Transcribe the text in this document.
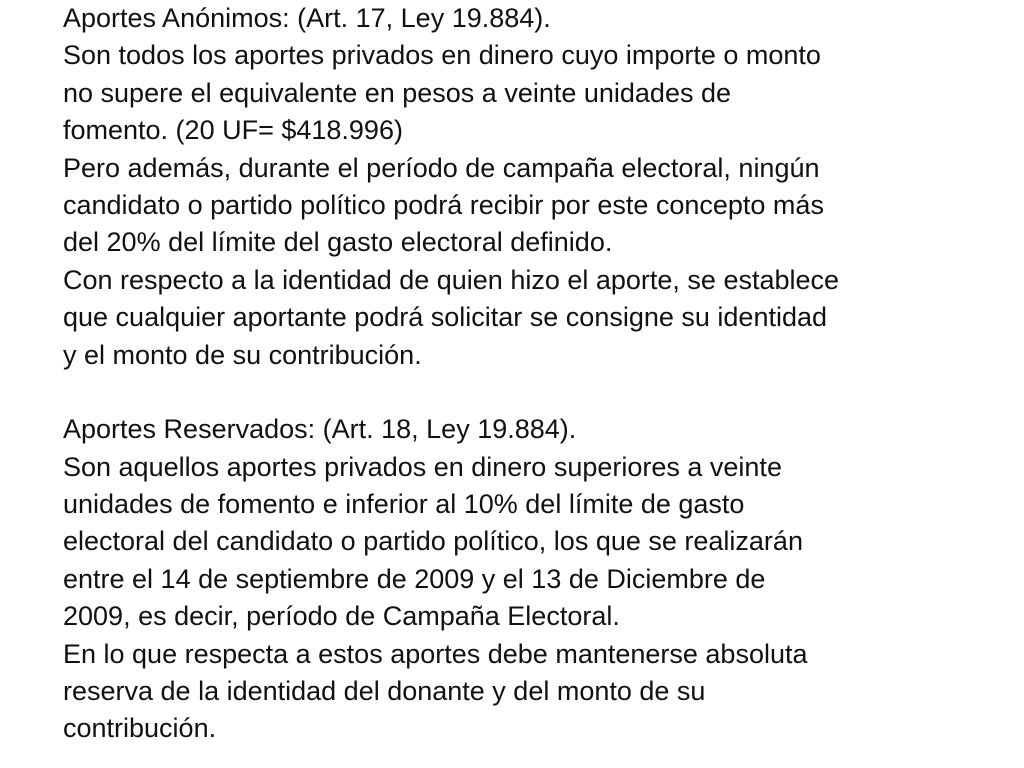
Aportes Anónimos: (Art. 17, Ley 19.884).
Son todos los aportes privados en dinero cuyo importe o monto
no supere el equivalente en pesos a veinte unidades de
fomento. (20 UF= $418.996)
Pero además, durante el período de campaña electoral, ningún
candidato o partido político podrá recibir por este concepto más
del 20% del límite del gasto electoral definido.
Con respecto a la identidad de quien hizo el aporte, se establece
que cualquier aportante podrá solicitar se consigne su identidad
y el monto de su contribución.
Aportes Reservados: (Art. 18, Ley 19.884).
Son aquellos aportes privados en dinero superiores a veinte
unidades de fomento e inferior al 10% del límite de gasto
electoral del candidato o partido político, los que se realizarán
entre el 14 de septiembre de 2009 y el 13 de Diciembre de
2009, es decir, período de Campaña Electoral.
En lo que respecta a estos aportes debe mantenerse absoluta
reserva de la identidad del donante y del monto de su
contribución.
